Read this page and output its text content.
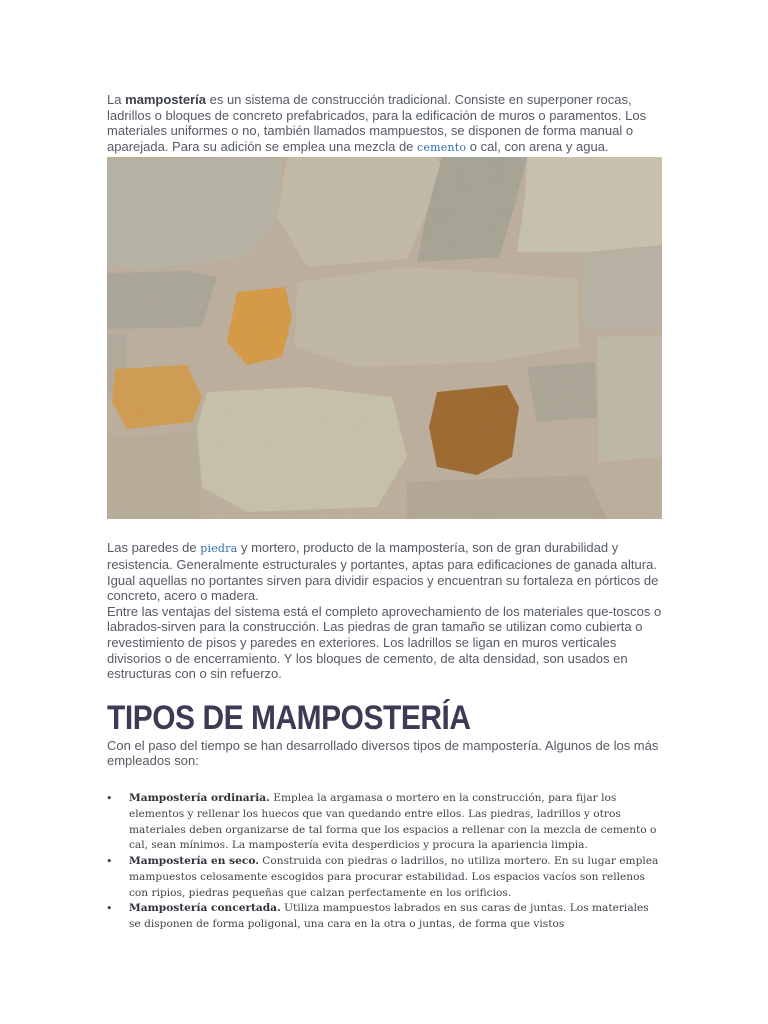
La mampostería es un sistema de construcción tradicional. Consiste en superponer rocas, ladrillos o bloques de concreto prefabricados, para la edificación de muros o paramentos. Los materiales uniformes o no, también llamados mampuestos, se disponen de forma manual o aparejada. Para su adición se emplea una mezcla de cemento o cal, con arena y agua.

Las paredes de piedra y mortero, producto de la mampostería, son de gran durabilidad y resistencia. Generalmente estructurales y portantes, aptas para edificaciones de ganada altura. Igual aquellas no portantes sirven para dividir espacios y encuentran su fortaleza en pórticos de concreto, acero o madera.

Entre las ventajas del sistema está el completo aprovechamiento de los materiales que-toscos o labrados-sirven para la construcción. Las piedras de gran tamaño se utilizan como cubierta o revestimiento de pisos y paredes en exteriores. Los ladrillos se ligan en muros verticales divisorios o de encerramiento. Y los bloques de cemento, de alta densidad, son usados en estructuras con o sin refuerzo.

TIPOS DE MAMPOSTERÍA

Con el paso del tiempo se han desarrollado diversos tipos de mampostería. Algunos de los más empleados son:

• Mampostería ordinaria. Emplea la argamasa o mortero en la construcción, para fijar los elementos y rellenar los huecos que van quedando entre ellos. Las piedras, ladrillos y otros materiales deben organizarse de tal forma que los espacios a rellenar con la mezcla de cemento o cal, sean mínimos. La mampostería evita desperdicios y procura la apariencia limpia.
• Mampostería en seco. Construida con piedras o ladrillos, no utiliza mortero. En su lugar emplea mampuestos celosamente escogidos para procurar estabilidad. Los espacios vacíos son rellenos con ripios, piedras pequeñas que calzan perfectamente en los orificios.
• Mampostería concertada. Utiliza mampuestos labrados en sus caras de juntas. Los materiales se disponen de forma poligonal, una cara en la otra o juntas, de forma que vistos
